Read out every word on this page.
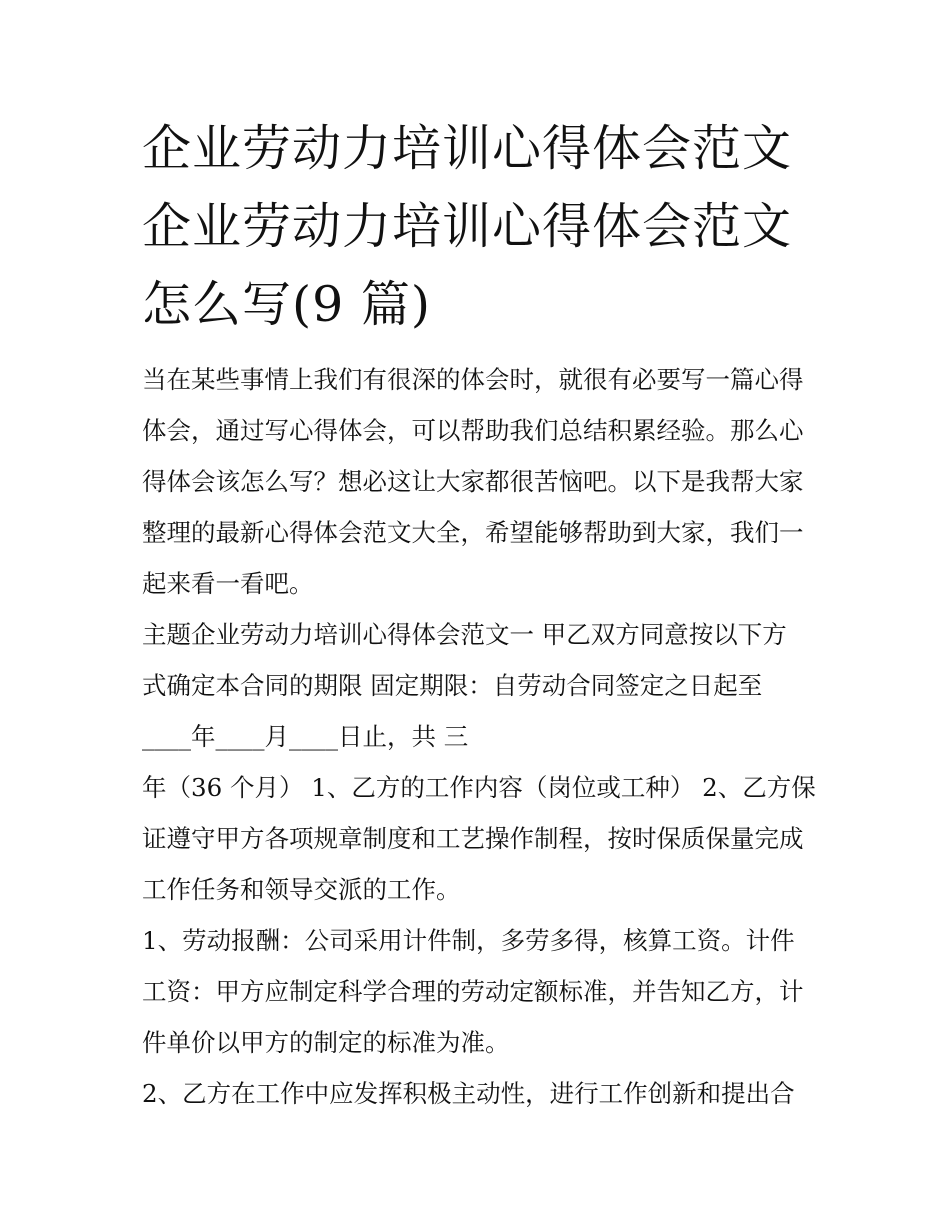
企业劳动力培训心得体会范文
企业劳动力培训心得体会范文
怎么写(9 篇)
当在某些事情上我们有很深的体会时，就很有必要写一篇心得
体会，通过写心得体会，可以帮助我们总结积累经验。那么心
得体会该怎么写？想必这让大家都很苦恼吧。以下是我帮大家
整理的最新心得体会范文大全，希望能够帮助到大家，我们一
起来看一看吧。
主题企业劳动力培训心得体会范文一 甲乙双方同意按以下方
式确定本合同的期限 固定期限：自劳动合同签定之日起至
____年____月____日止，共 三
年（36 个月） 1、乙方的工作内容（岗位或工种） 2、乙方保
证遵守甲方各项规章制度和工艺操作制程，按时保质保量完成
工作任务和领导交派的工作。
1、劳动报酬：公司采用计件制，多劳多得，核算工资。计件
工资：甲方应制定科学合理的劳动定额标准，并告知乙方，计
件单价以甲方的制定的标准为准。
2、乙方在工作中应发挥积极主动性，进行工作创新和提出合
